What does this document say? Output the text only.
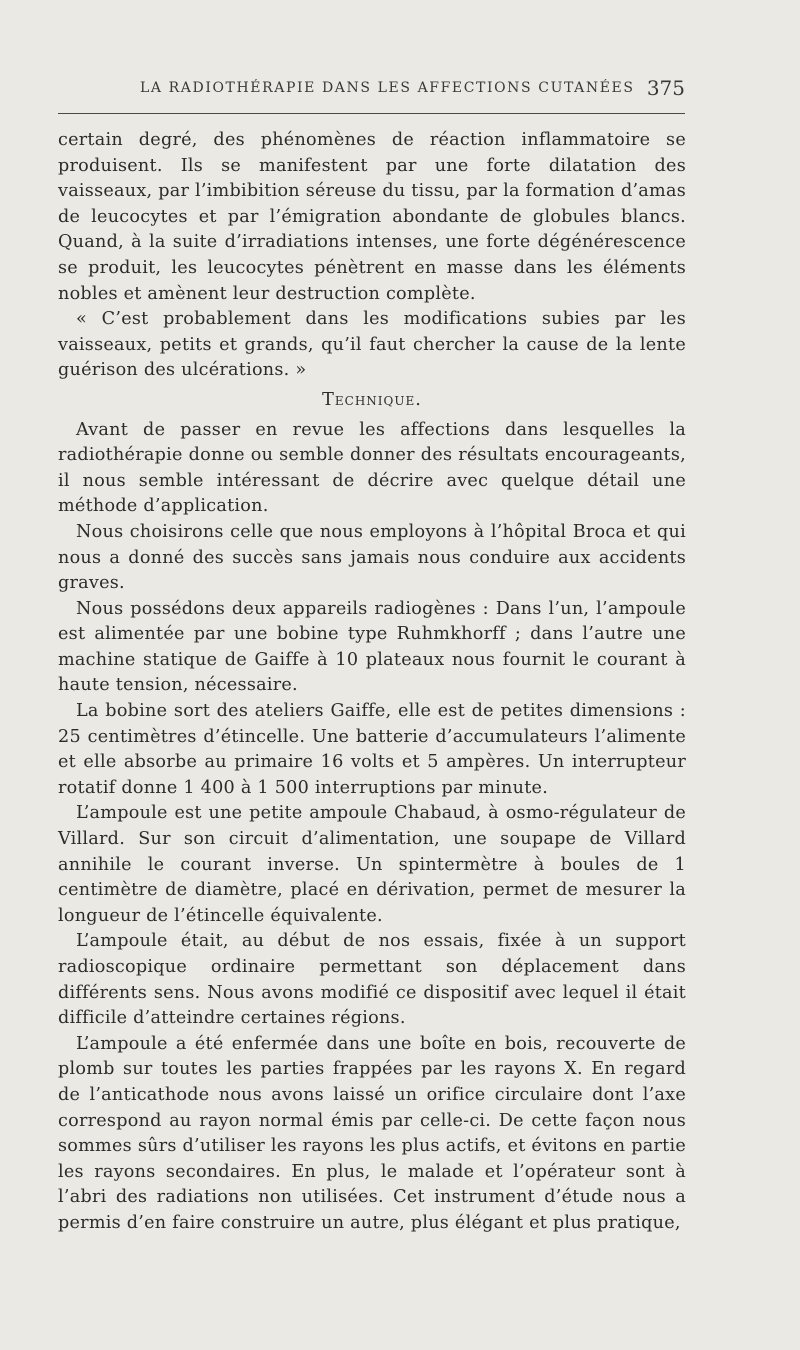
LA RADIOTHÉRAPIE DANS LES AFFECTIONS CUTANÉES 375

certain degré, des phénomènes de réaction inflammatoire se produisent. Ils se manifestent par une forte dilatation des vaisseaux, par l’imbibition séreuse du tissu, par la formation d’amas de leucocytes et par l’émigration abondante de globules blancs. Quand, à la suite d’irradiations intenses, une forte dégénérescence se produit, les leucocytes pénètrent en masse dans les éléments nobles et amènent leur destruction complète.

« C’est probablement dans les modifications subies par les vaisseaux, petits et grands, qu’il faut chercher la cause de la lente guérison des ulcérations. »

Technique.

Avant de passer en revue les affections dans lesquelles la radiothérapie donne ou semble donner des résultats encourageants, il nous semble intéressant de décrire avec quelque détail une méthode d’application.

Nous choisirons celle que nous employons à l’hôpital Broca et qui nous a donné des succès sans jamais nous conduire aux accidents graves.

Nous possédons deux appareils radiogènes : Dans l’un, l’ampoule est alimentée par une bobine type Ruhmkhorff ; dans l’autre une machine statique de Gaiffe à 10 plateaux nous fournit le courant à haute tension, nécessaire.

La bobine sort des ateliers Gaiffe, elle est de petites dimensions : 25 centimètres d’étincelle. Une batterie d’accumulateurs l’alimente et elle absorbe au primaire 16 volts et 5 ampères. Un interrupteur rotatif donne 1 400 à 1 500 interruptions par minute.

L’ampoule est une petite ampoule Chabaud, à osmo-régulateur de Villard. Sur son circuit d’alimentation, une soupape de Villard annihile le courant inverse. Un spintermètre à boules de 1 centimètre de diamètre, placé en dérivation, permet de mesurer la longueur de l’étincelle équivalente.

L’ampoule était, au début de nos essais, fixée à un support radioscopique ordinaire permettant son déplacement dans différents sens. Nous avons modifié ce dispositif avec lequel il était difficile d’atteindre certaines régions.

L’ampoule a été enfermée dans une boîte en bois, recouverte de plomb sur toutes les parties frappées par les rayons X. En regard de l’anticathode nous avons laissé un orifice circulaire dont l’axe correspond au rayon normal émis par celle-ci. De cette façon nous sommes sûrs d’utiliser les rayons les plus actifs, et évitons en partie les rayons secondaires. En plus, le malade et l’opérateur sont à l’abri des radiations non utilisées. Cet instrument d’étude nous a permis d’en faire construire un autre, plus élégant et plus pratique,
